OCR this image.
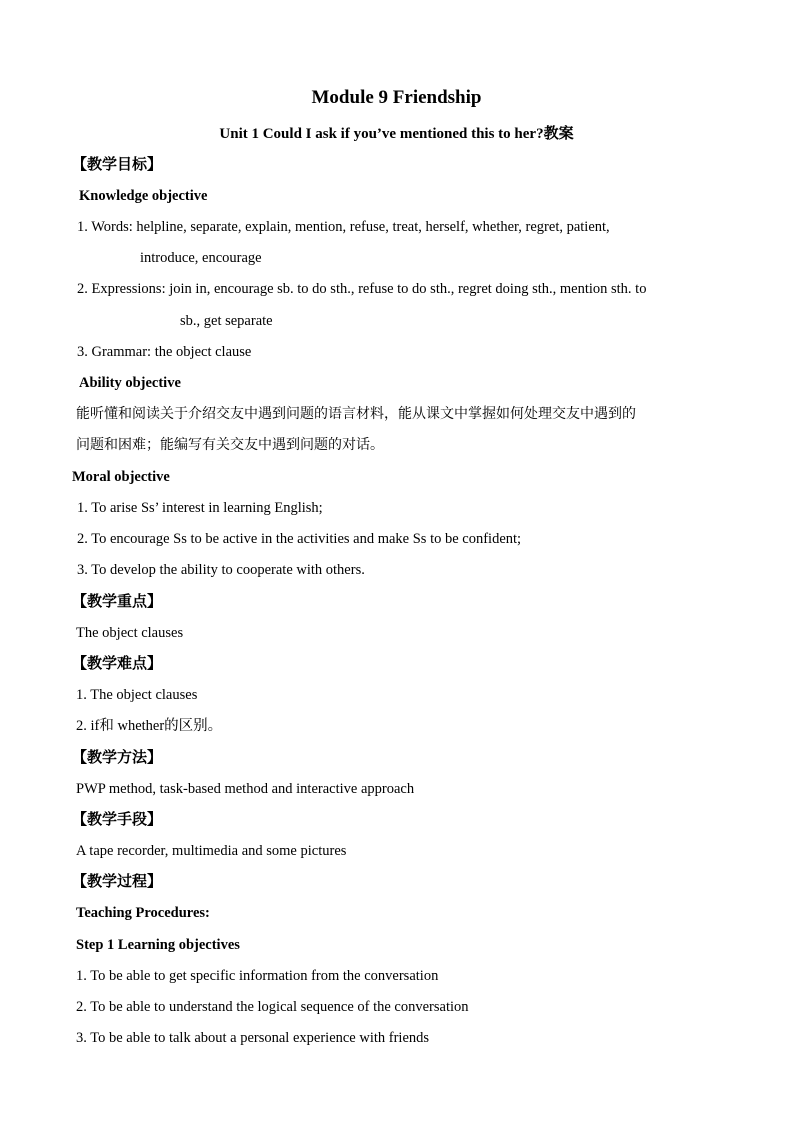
Module 9 Friendship
Unit 1 Could I ask if you’ve mentioned this to her?教案
【教学目标】
Knowledge objective
1. Words: helpline, separate, explain, mention, refuse, treat, herself, whether, regret, patient,
introduce, encourage
2. Expressions: join in, encourage sb. to do sth., refuse to do sth., regret doing sth., mention sth. to
sb., get separate
3. Grammar: the object clause
Ability objective
能听懂和阅读关于介绍交友中遇到问题的语言材料，能从课文中掌握如何处理交友中遇到的
问题和困难；能编写有关交友中遇到问题的对话。
Moral objective
1. To arise Ss’ interest in learning English;
2. To encourage Ss to be active in the activities and make Ss to be confident;
3. To develop the ability to cooperate with others.
【教学重点】
The object clauses
【教学难点】
1. The object clauses
2. if和 whether的区别。
【教学方法】
PWP method, task-based method and interactive approach
【教学手段】
A tape recorder, multimedia and some pictures
【教学过程】
Teaching Procedures:
Step 1 Learning objectives
1. To be able to get specific information from the conversation
2. To be able to understand the logical sequence of the conversation
3. To be able to talk about a personal experience with friends
